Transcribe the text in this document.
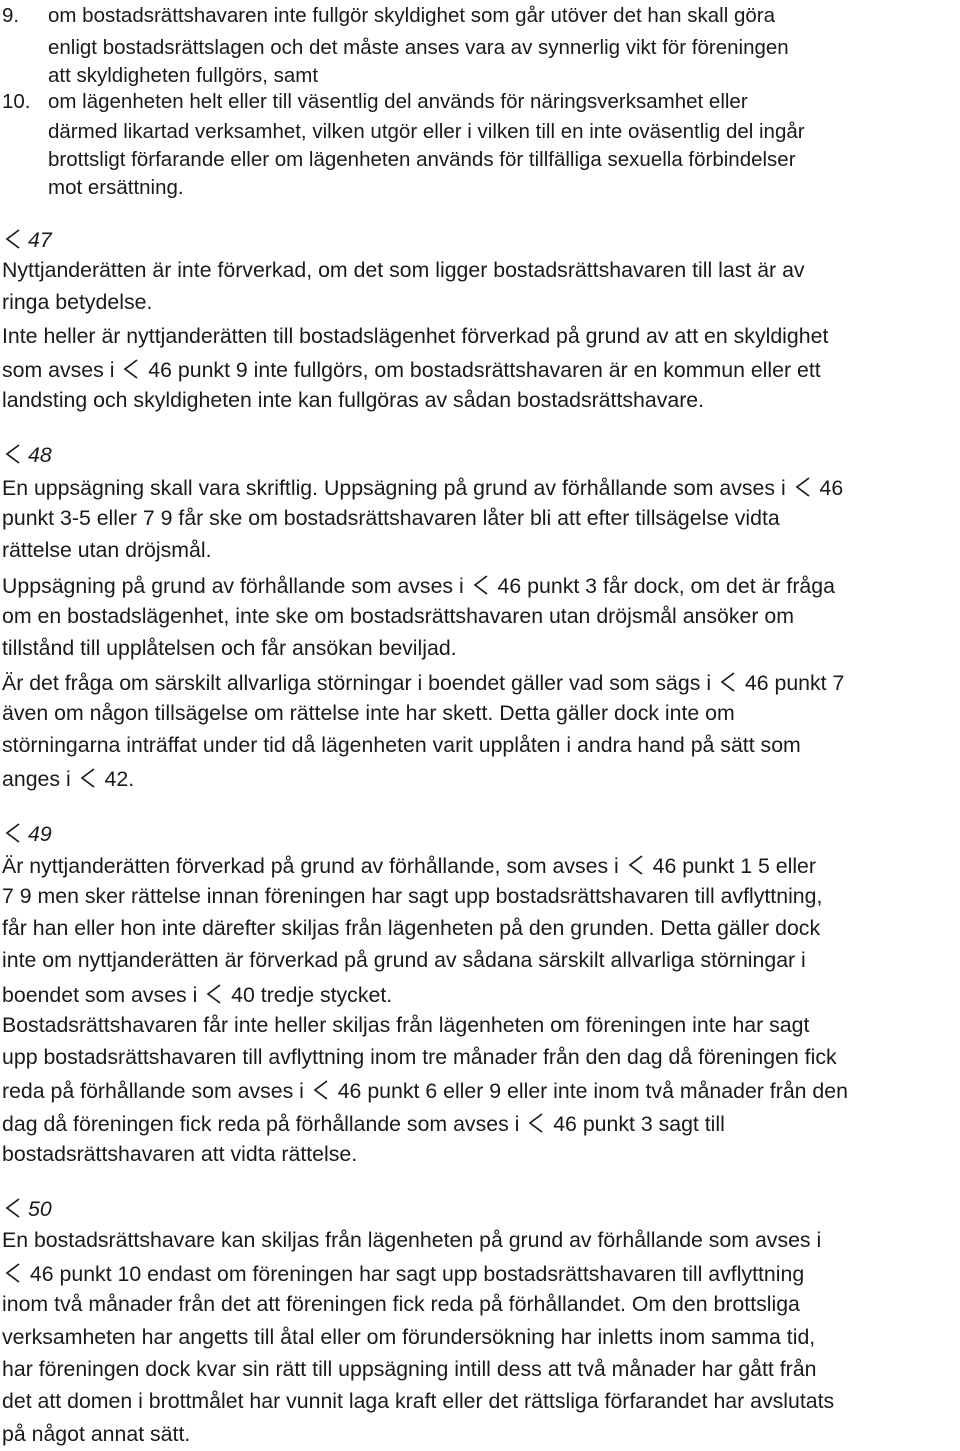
9. om bostadsrättshavaren inte fullgör skyldighet som går utöver det han skall göra
enligt bostadsrättslagen och det måste anses vara av synnerlig vikt för föreningen
att skyldigheten fullgörs, samt
10. om lägenheten helt eller till väsentlig del används för näringsverksamhet eller
därmed likartad verksamhet, vilken utgör eller i vilken till en inte oväsentlig del ingår
brottsligt förfarande eller om lägenheten används för tillfälliga sexuella förbindelser
mot ersättning.
47
Nyttjanderätten är inte förverkad, om det som ligger bostadsrättshavaren till last är av
ringa betydelse.
Inte heller är nyttjanderätten till bostadslägenhet förverkad på grund av att en skyldighet
som avses i
46 punkt 9 inte fullgörs, om bostadsrättshavaren är en kommun eller ett
landsting och skyldigheten inte kan fullgöras av sådan bostadsrättshavare.
48
En uppsägning skall vara skriftlig. Uppsägning på grund av förhållande som avses i
46
punkt 3-5 eller 7 9 får ske om bostadsrättshavaren låter bli att efter tillsägelse vidta
rättelse utan dröjsmål.
Uppsägning på grund av förhållande som avses i
46 punkt 3 får dock, om det är fråga
om en bostadslägenhet, inte ske om bostadsrättshavaren utan dröjsmål ansöker om
tillstånd till upplåtelsen och får ansökan beviljad.
Är det fråga om särskilt allvarliga störningar i boendet gäller vad som sägs i
46 punkt 7
även om någon tillsägelse om rättelse inte har skett. Detta gäller dock inte om
störningarna inträffat under tid då lägenheten varit upplåten i andra hand på sätt som
anges i
42.
49
Är nyttjanderätten förverkad på grund av förhållande, som avses i
46 punkt 1 5 eller
7 9 men sker rättelse innan föreningen har sagt upp bostadsrättshavaren till avflyttning,
får han eller hon inte därefter skiljas från lägenheten på den grunden. Detta gäller dock
inte om nyttjanderätten är förverkad på grund av sådana särskilt allvarliga störningar i
boendet som avses i
40 tredje stycket.
Bostadsrättshavaren får inte heller skiljas från lägenheten om föreningen inte har sagt
upp bostadsrättshavaren till avflyttning inom tre månader från den dag då föreningen fick
reda på förhållande som avses i
46 punkt 6 eller 9 eller inte inom två månader från den
dag då föreningen fick reda på förhållande som avses i
46 punkt 3 sagt till
bostadsrättshavaren att vidta rättelse.
50
En bostadsrättshavare kan skiljas från lägenheten på grund av förhållande som avses i
46 punkt 10 endast om föreningen har sagt upp bostadsrättshavaren till avflyttning
inom två månader från det att föreningen fick reda på förhållandet. Om den brottsliga
verksamheten har angetts till åtal eller om förundersökning har inletts inom samma tid,
har föreningen dock kvar sin rätt till uppsägning intill dess att två månader har gått från
det att domen i brottmålet har vunnit laga kraft eller det rättsliga förfarandet har avslutats
på något annat sätt.
